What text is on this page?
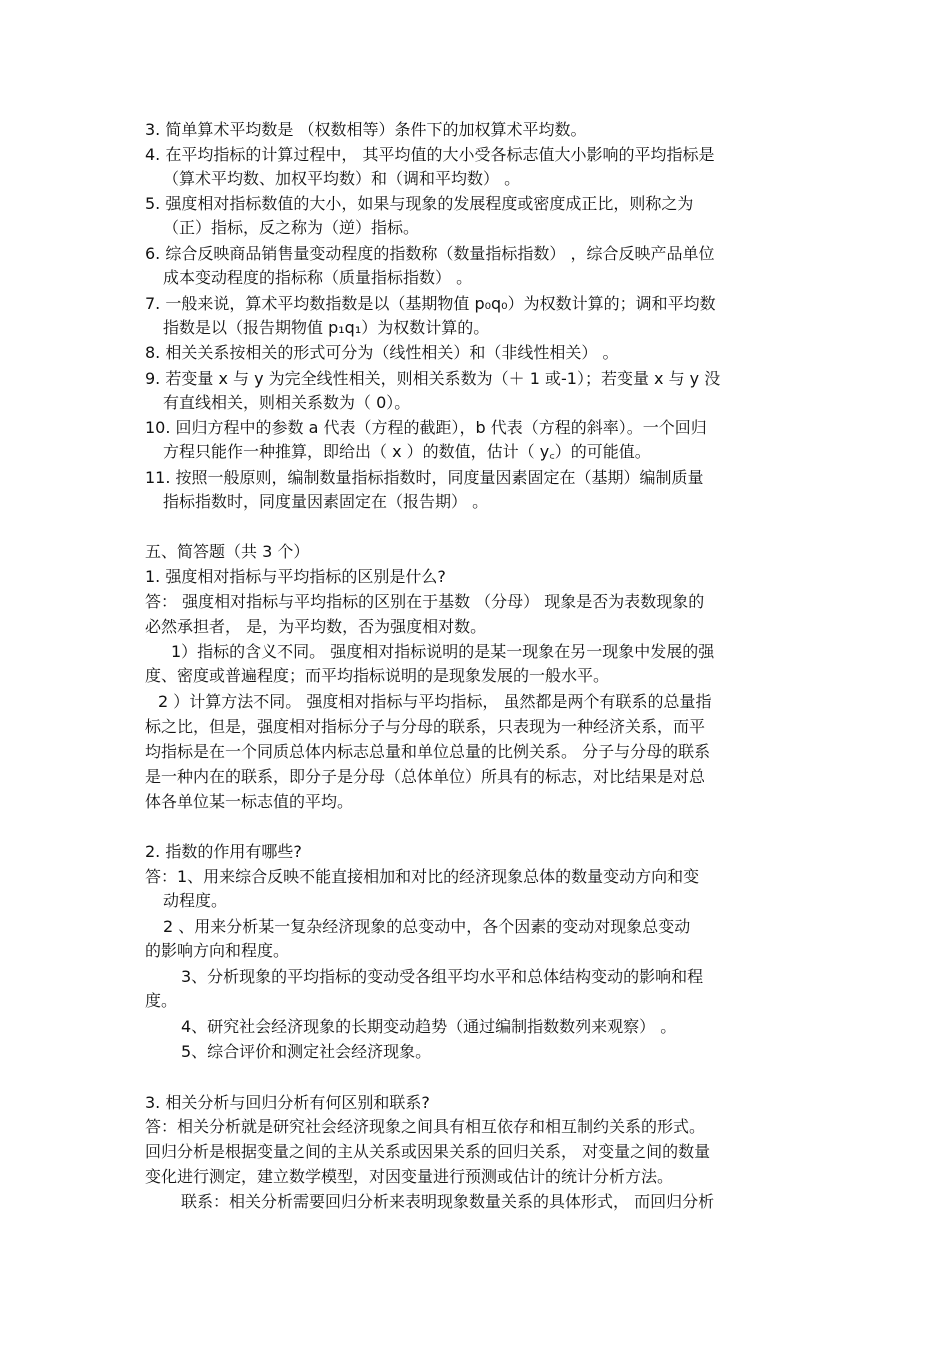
3. 简单算术平均数是 （权数相等）条件下的加权算术平均数。

4. 在平均指标的计算过程中， 其平均值的大小受各标志值大小影响的平均指标是

（算术平均数、加权平均数）和（调和平均数） 。

5. 强度相对指标数值的大小，如果与现象的发展程度或密度成正比，则称之为

（正）指标，反之称为（逆）指标。

6. 综合反映商品销售量变动程度的指数称（数量指标指数） ，综合反映产品单位

成本变动程度的指标称（质量指标指数） 。

7. 一般来说，算术平均数指数是以（基期物值 p₀q₀）为权数计算的；调和平均数

指数是以（报告期物值 p₁q₁）为权数计算的。

8. 相关关系按相关的形式可分为（线性相关）和（非线性相关） 。

9. 若变量 x 与 y 为完全线性相关，则相关系数为（＋ 1 或-1）；若变量 x 与 y 没

有直线相关，则相关系数为（ 0）。

10. 回归方程中的参数 a 代表（方程的截距），b 代表（方程的斜率）。一个回归

方程只能作一种推算，即给出（ x ）的数值，估计（ y꜀）的可能值。

11. 按照一般原则，编制数量指标指数时，同度量因素固定在（基期）编制质量

指标指数时，同度量因素固定在（报告期） 。

五、简答题（共 3 个）

1. 强度相对指标与平均指标的区别是什么?

答： 强度相对指标与平均指标的区别在于基数 （分母） 现象是否为表数现象的

必然承担者， 是，为平均数，否为强度相对数。

1）指标的含义不同。 强度相对指标说明的是某一现象在另一现象中发展的强

度、密度或普遍程度；而平均指标说明的是现象发展的一般水平。

2 ）计算方法不同。 强度相对指标与平均指标， 虽然都是两个有联系的总量指

标之比，但是，强度相对指标分子与分母的联系，只表现为一种经济关系，而平

均指标是在一个同质总体内标志总量和单位总量的比例关系。 分子与分母的联系

是一种内在的联系，即分子是分母（总体单位）所具有的标志，对比结果是对总

体各单位某一标志值的平均。

2. 指数的作用有哪些?

答：1、用来综合反映不能直接相加和对比的经济现象总体的数量变动方向和变

动程度。

2 、用来分析某一复杂经济现象的总变动中，各个因素的变动对现象总变动

的影响方向和程度。

3、分析现象的平均指标的变动受各组平均水平和总体结构变动的影响和程

度。

4、研究社会经济现象的长期变动趋势（通过编制指数数列来观察） 。

5、综合评价和测定社会经济现象。

3. 相关分析与回归分析有何区别和联系?

答：相关分析就是研究社会经济现象之间具有相互依存和相互制约关系的形式。

回归分析是根据变量之间的主从关系或因果关系的回归关系， 对变量之间的数量

变化进行测定，建立数学模型，对因变量进行预测或估计的统计分析方法。

联系：相关分析需要回归分析来表明现象数量关系的具体形式， 而回归分析
